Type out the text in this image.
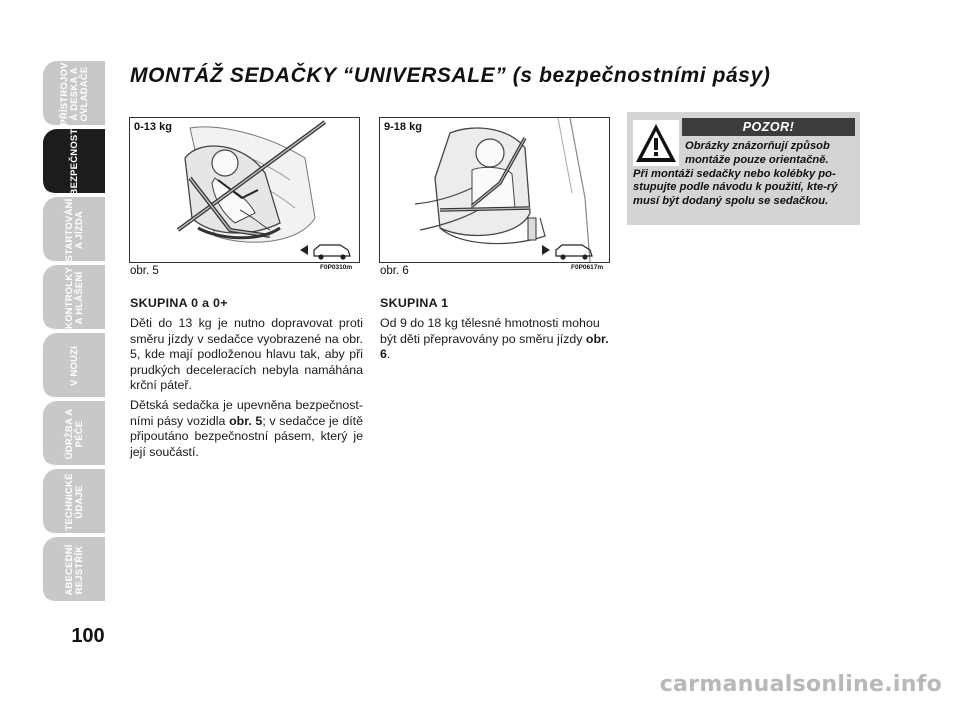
PŘÍSTROJOV
Á DESKA A
OVLADAČE
BEZPEČNOST
STARTOVÁNÍ
A JÍZDA
KONTROLKY
A HLÁŠENÍ
V NOUZI
ÚDRŽBA A
PÉČE
TECHNICKÉ
ÚDAJE
ABECEDNÍ
REJSTŘÍK
100
MONTÁŽ SEDAČKY “UNIVERSALE” (s bezpečnostními pásy)
0-13 kg
obr. 5	F0P0310m
9-18 kg
obr. 6	F0P0617m
SKUPINA 0 a 0+

Děti do 13 kg je nutno dopravovat proti směru jízdy v sedačce vyobrazené na obr. 5, kde mají podloženou hlavu tak, aby při prudkých deceleracích nebyla namáhána krční páteř.

Dětská sedačka je upevněna bezpečnost-ními pásy vozidla obr. 5; v sedačce je dítě připoutáno bezpečnostní pásem, který je její součástí.

SKUPINA 1

Od 9 do 18 kg tělesné hmotnosti mohou být děti přepravovány po směru jízdy obr. 6.

POZOR!
Obrázky znázorňují způsob montáže pouze orientačně.
Při montáži sedačky nebo kolébky po-stupujte podle návodu k použití, kte-rý musí být dodaný spolu se sedačkou.
carmanualsonline.info
